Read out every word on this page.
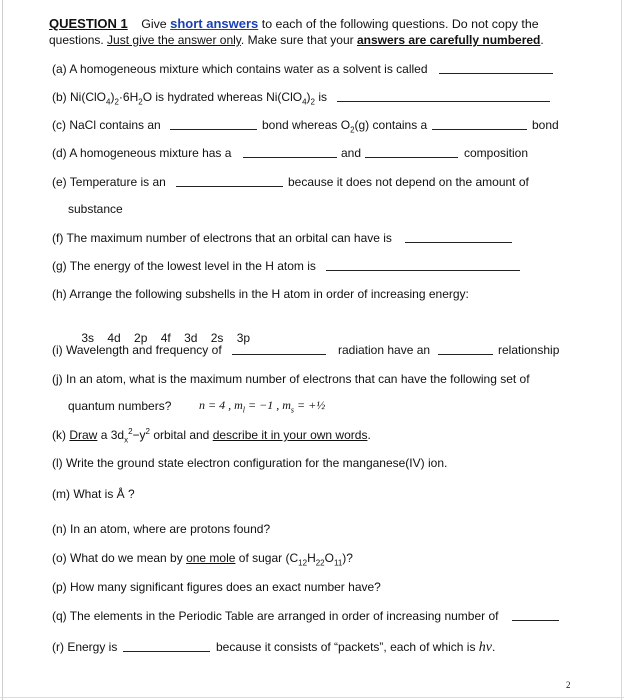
QUESTION 1 Give short answers to each of the following questions. Do not copy the
questions. Just give the answer only. Make sure that your answers are carefully numbered.
(a) A homogeneous mixture which contains water as a solvent is called
(b) $Ni(ClO_4)_2\cdot 6H_2O$ is hydrated whereas $Ni(ClO_4)_2$ is
(c) NaCl contains an	bond whereas $O_2(g)$ contains a	bond
(d) A homogeneous mixture has a	and	composition
(e) Temperature is an	because it does not depend on the amount of
substance
(f) The maximum number of electrons that an orbital can have is
(g) The energy of the lowest level in the H atom is
(h) Arrange the following subshells in the H atom in order of increasing energy:

3s    4d    2p    4f    3d    2s    3p

(i) Wavelength and frequency of	radiation have an	relationship
(j) In an atom, what is the maximum number of electrons that can have the following set of
quantum numbers? n = 4 , $m_l = -1$ , $m_s$ = +½
(k) Draw a $3d_x^2-y^2$ orbital and describe it in your own words.
(l) Write the ground state electron configuration for the manganese(IV) ion.
(m) What is Å ?
(n) In an atom, where are protons found?
(o) What do we mean by one mole of sugar $(C_{12}H_{22}O_{11})$?
(p) How many significant figures does an exact number have?
(q) The elements in the Periodic Table are arranged in order of increasing number of
(r) Energy is	because it consists of “packets”, each of which is hv.
2
